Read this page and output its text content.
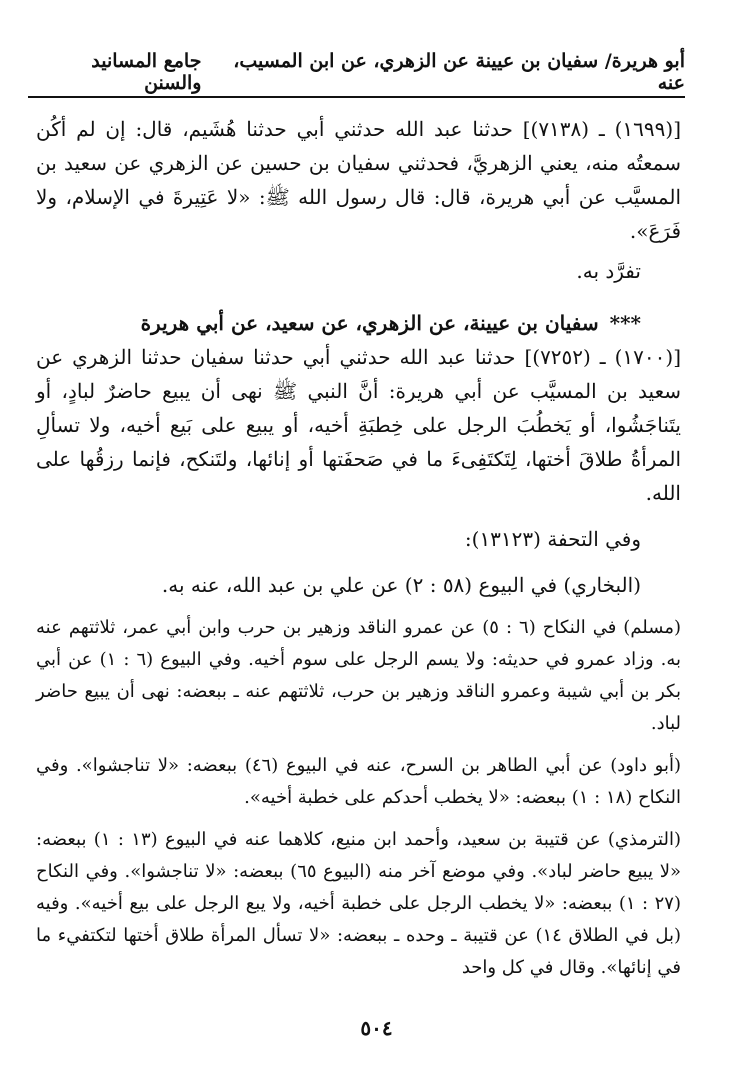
أبو هريرة/ سفيان بن عيينة عن الزهري، عن ابن المسيب، عنه
جامع المسانيد والسنن

[(١٦٩٩) ـ (٧١٣٨)] حدثنا عبد الله حدثني أبي حدثنا هُشَيم، قال: إن لم أكُن سمعتُه منه، يعني الزهريَّ، فحدثني سفيان بن حسين عن الزهري عن سعيد بن المسيَّب عن أبي هريرة، قال: قال رسول الله ﷺ: «لا عَتِيرةَ في الإسلام، ولا فَرَعَ».

تفرَّد به.

*** سفيان بن عيينة، عن الزهري، عن سعيد، عن أبي هريرة

[(١٧٠٠) ـ (٧٢٥٢)] حدثنا عبد الله حدثني أبي حدثنا سفيان حدثنا الزهري عن سعيد بن المسيَّب عن أبي هريرة: أنَّ النبي ﷺ نهى أن يبيع حاضرٌ لبادٍ، أو يتَناجَشُوا، أو يَخطُبَ الرجل على خِطبَةِ أخيه، أو يبيع على بَيع أخيه، ولا تسألِ المرأةُ طلاقَ أختها، لِتَكتَفِىءَ ما في صَحفَتها أو إنائها، ولتَنكح، فإنما رزقُها على الله.

وفي التحفة (١٣١٢٣):

(البخاري) في البيوع (٥٨ : ٢) عن علي بن عبد الله، عنه به.

(مسلم) في النكاح (٦ : ٥) عن عمرو الناقد وزهير بن حرب وابن أبي عمر، ثلاثتهم عنه به. وزاد عمرو في حديثه: ولا يسم الرجل على سوم أخيه. وفي البيوع (٦ : ١) عن أبي بكر بن أبي شيبة وعمرو الناقد وزهير بن حرب، ثلاثتهم عنه ـ ببعضه: نهى أن يبيع حاضر لباد.

(أبو داود) عن أبي الطاهر بن السرح، عنه في البيوع (٤٦) ببعضه: «لا تناجشوا». وفي النكاح (١٨ : ١) ببعضه: «لا يخطب أحدكم على خطبة أخيه».

(الترمذي) عن قتيبة بن سعيد، وأحمد ابن منيع، كلاهما عنه في البيوع (١٣ : ١) ببعضه: «لا يبيع حاضر لباد». وفي موضع آخر منه (البيوع ٦٥) ببعضه: «لا تناجشوا». وفي النكاح (٢٧ : ١) ببعضه: «لا يخطب الرجل على خطبة أخيه، ولا يبع الرجل على بيع أخيه». وفيه (بل في الطلاق ١٤) عن قتيبة ـ وحده ـ ببعضه: «لا تسأل المرأة طلاق أختها لتكتفيء ما في إنائها». وقال في كل واحد

٥٠٤
